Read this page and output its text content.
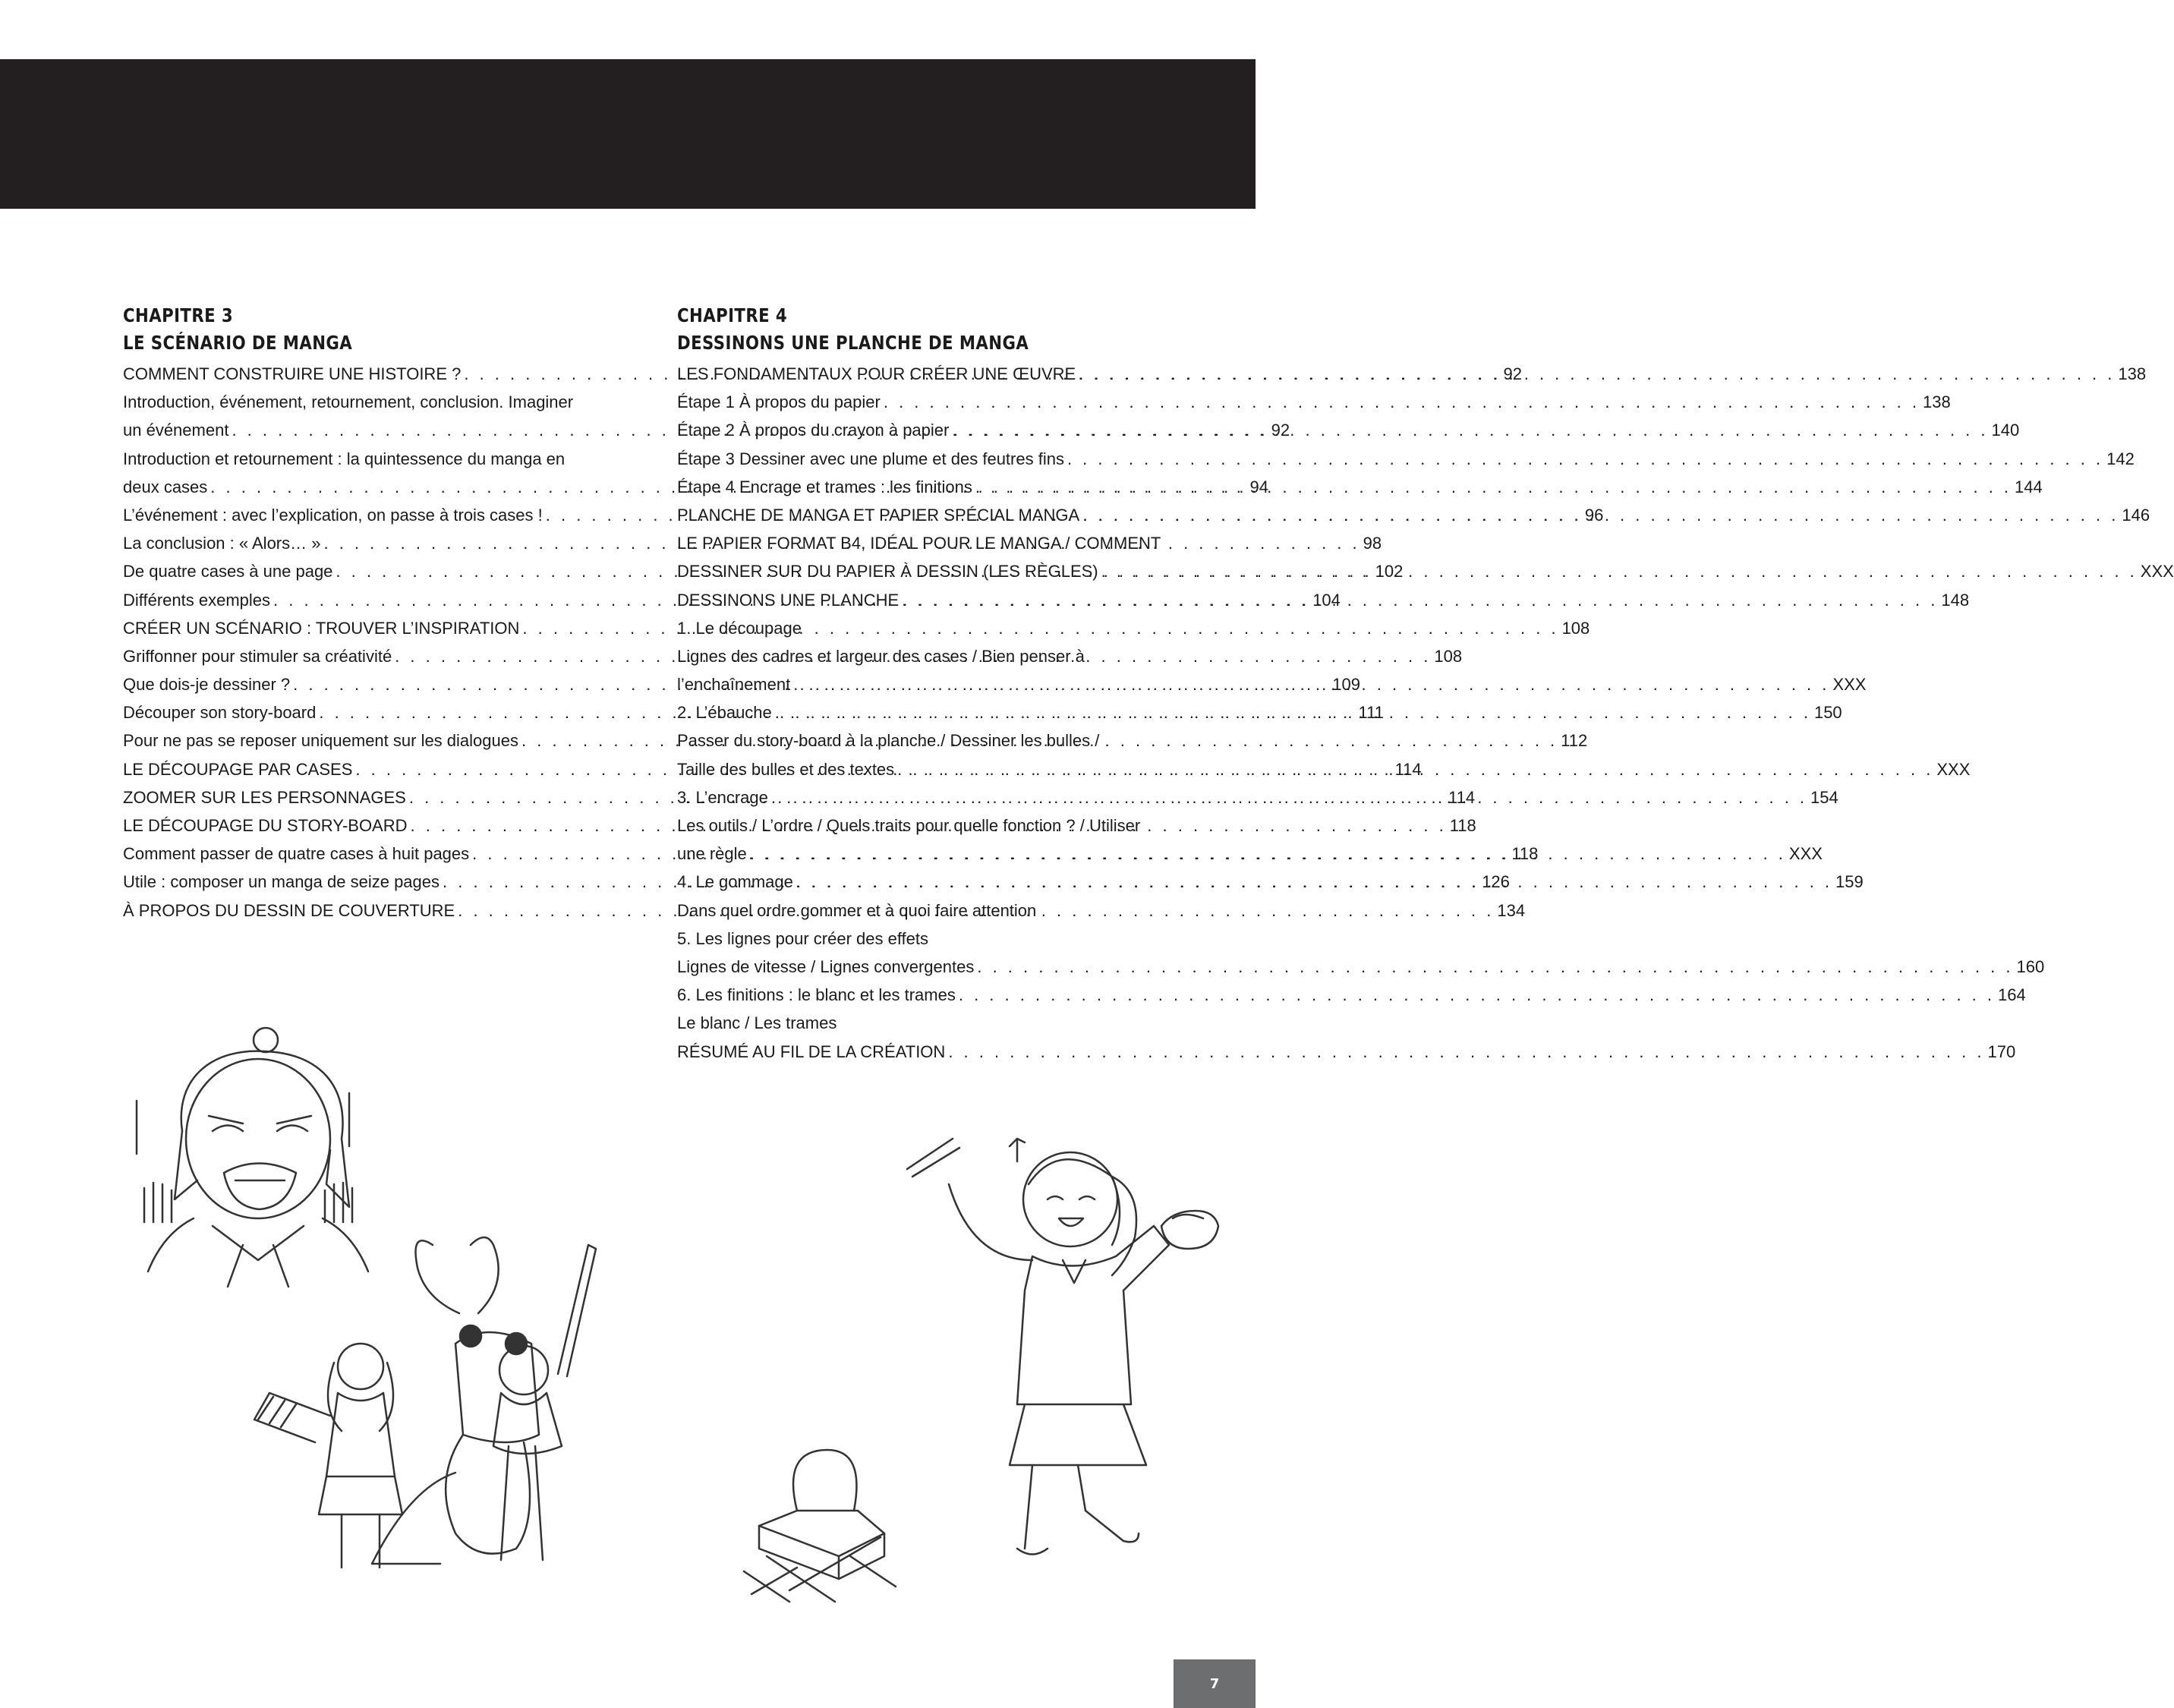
CHAPITRE 3
LE SCÉNARIO DE MANGA
COMMENT CONSTRUIRE UNE HISTOIRE ? . . .	92
Introduction, événement, retournement, conclusion. Imaginer
un événement . . .	92
Introduction et retournement : la quintessence du manga en
deux cases . . .	94
L’événement : avec l’explication, on passe à trois cases ! . . .	96
La conclusion : « Alors… » . . .	98
De quatre cases à une page . . .	102
Différents exemples . . .	104
CRÉER UN SCÉNARIO : TROUVER L’INSPIRATION . . .	108
Griffonner pour stimuler sa créativité . . .	108
Que dois-je dessiner ? . . .	109
Découper son story-board . . .	111
Pour ne pas se reposer uniquement sur les dialogues . . .	112
LE DÉCOUPAGE PAR CASES . . .	114
ZOOMER SUR LES PERSONNAGES . . .	114
LE DÉCOUPAGE DU STORY-BOARD . . .	118
Comment passer de quatre cases à huit pages . . .	118
Utile : composer un manga de seize pages . . .	126
À PROPOS DU DESSIN DE COUVERTURE . . .	134
CHAPITRE 4
DESSINONS UNE PLANCHE DE MANGA
LES FONDAMENTAUX POUR CRÉER UNE ŒUVRE . . .	138
Étape 1 À propos du papier . . .	138
Étape 2 À propos du crayon à papier . . .	140
Étape 3 Dessiner avec une plume et des feutres fins . . .	142
Étape 4 Encrage et trames : les finitions . . .	144
PLANCHE DE MANGA ET PAPIER SPÉCIAL MANGA . . .	146
LE PAPIER FORMAT B4, IDÉAL POUR LE MANGA / COMMENT
DESSINER SUR DU PAPIER À DESSIN (LES RÈGLES) . . .	XXX
DESSINONS UNE PLANCHE . . .	148
1. Le découpage
Lignes des cadres et largeur des cases / Bien penser à
l’enchaînement . . .	XXX
2. L’ébauche . . .	150
Passer du story-board à la planche / Dessiner les bulles /
Taille des bulles et des textes . . .	XXX
3. L’encrage . . .	154
Les outils / L’ordre / Quels traits pour quelle fonction ? / Utiliser
une règle . . .	XXX
4. Le gommage . . .	159
Dans quel ordre gommer et à quoi faire attention
5. Les lignes pour créer des effets
Lignes de vitesse / Lignes convergentes . . .	160
6. Les finitions : le blanc et les trames . . .	164
Le blanc / Les trames
RÉSUMÉ AU FIL DE LA CRÉATION . . .	170
7
